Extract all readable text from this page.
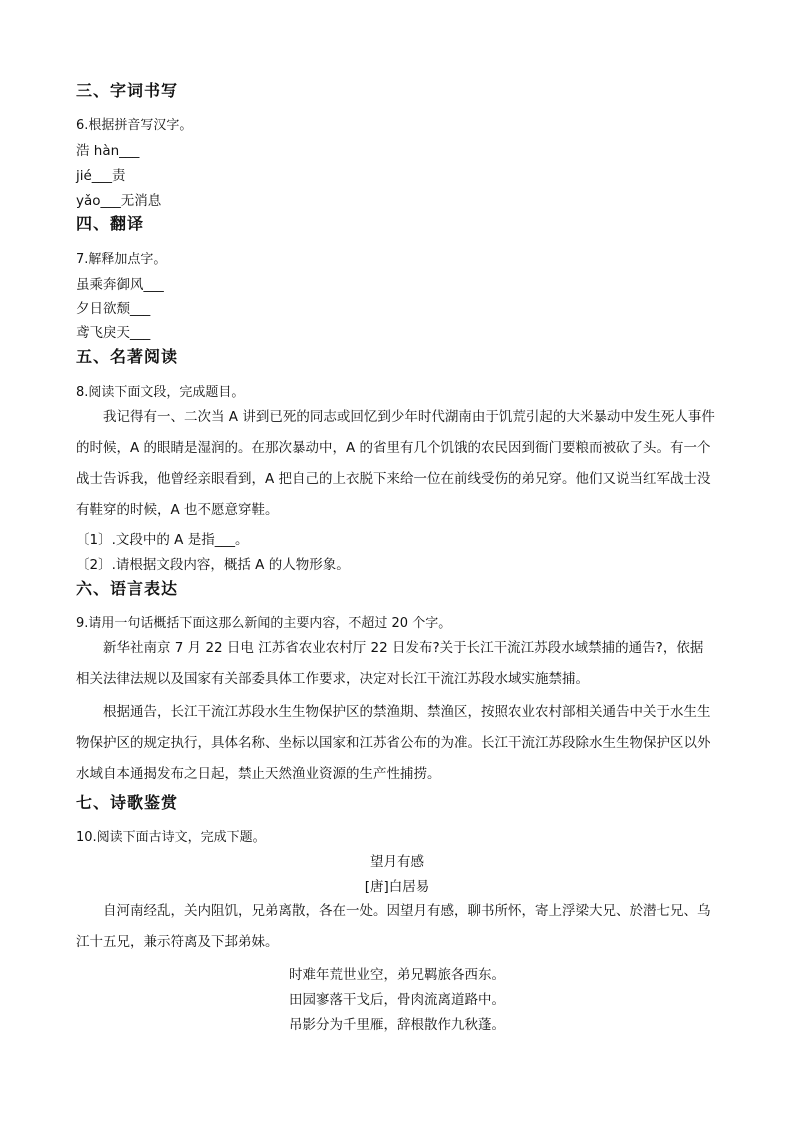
三、字词书写
6.根据拼音写汉字。
浩 hàn___
jié___责
yǎo___无消息
四、翻译
7.解释加点字。
虽乘奔御风___
夕日欲颓___
鸢飞戾天___
五、名著阅读
8.阅读下面文段，完成题目。
我记得有一、二次当 A 讲到已死的同志或回忆到少年时代湖南由于饥荒引起的大米暴动中发生死人事件的时候，A 的眼睛是湿润的。在那次暴动中，A 的省里有几个饥饿的农民因到衙门要粮而被砍了头。有一个战士告诉我，他曾经亲眼看到，A 把自己的上衣脱下来给一位在前线受伤的弟兄穿。他们又说当红军战士没有鞋穿的时候，A 也不愿意穿鞋。
〔1〕.文段中的 A 是指___。
〔2〕.请根据文段内容，概括 A 的人物形象。
六、语言表达
9.请用一句话概括下面这那么新闻的主要内容，不超过 20 个字。
新华社南京 7 月 22 日电 江苏省农业农村厅 22 日发布?关于长江干流江苏段水域禁捕的通告?，依据相关法律法规以及国家有关部委具体工作要求，决定对长江干流江苏段水域实施禁捕。
根据通告，长江干流江苏段水生生物保护区的禁渔期、禁渔区，按照农业农村部相关通告中关于水生生物保护区的规定执行，具体名称、坐标以国家和江苏省公布的为准。长江干流江苏段除水生生物保护区以外水域自本通揭发布之日起，禁止天然渔业资源的生产性捕捞。
七、诗歌鉴赏
10.阅读下面古诗文，完成下题。
望月有感
[唐]白居易
自河南经乱，关内阻饥，兄弟离散，各在一处。因望月有感，聊书所怀，寄上浮梁大兄、於潜七兄、乌江十五兄，兼示符离及下邽弟妹。
时难年荒世业空，弟兄羁旅各西东。
田园寥落干戈后，骨肉流离道路中。
吊影分为千里雁，辞根散作九秋蓬。
